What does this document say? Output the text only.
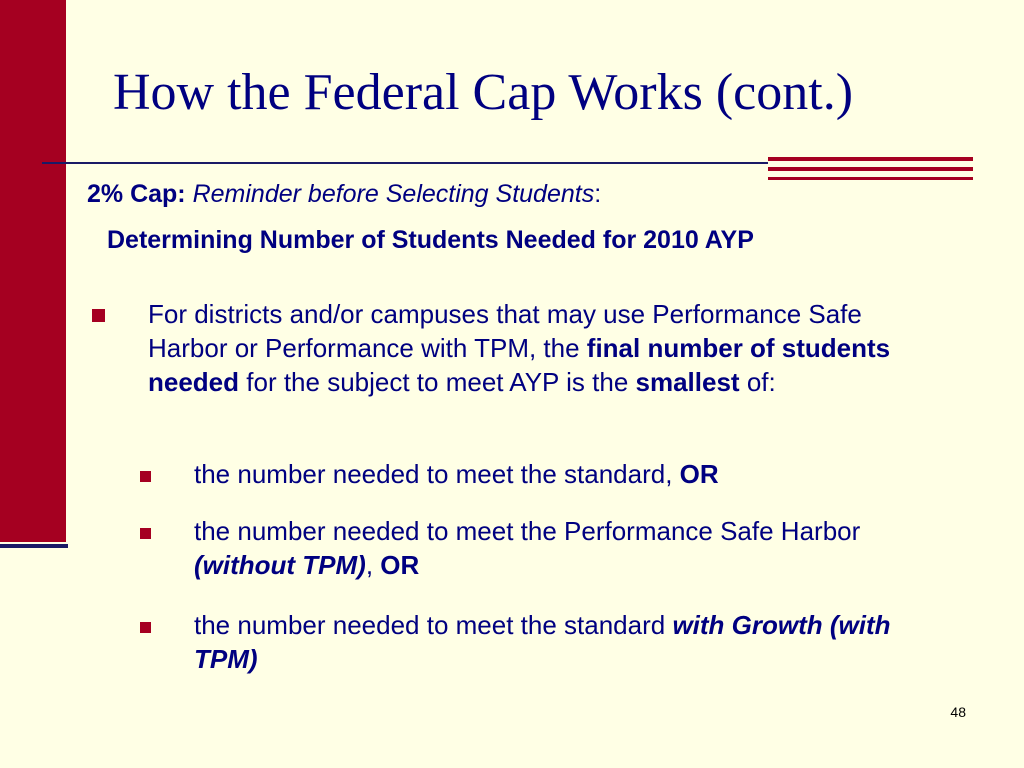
How the Federal Cap Works (cont.)
2% Cap: Reminder before Selecting Students:
Determining Number of Students Needed for 2010 AYP
For districts and/or campuses that may use Performance Safe Harbor or Performance with TPM, the final number of students needed for the subject to meet AYP is the smallest of:
the number needed to meet the standard, OR
the number needed to meet the Performance Safe Harbor (without TPM), OR
the number needed to meet the standard with Growth (with TPM)
48
